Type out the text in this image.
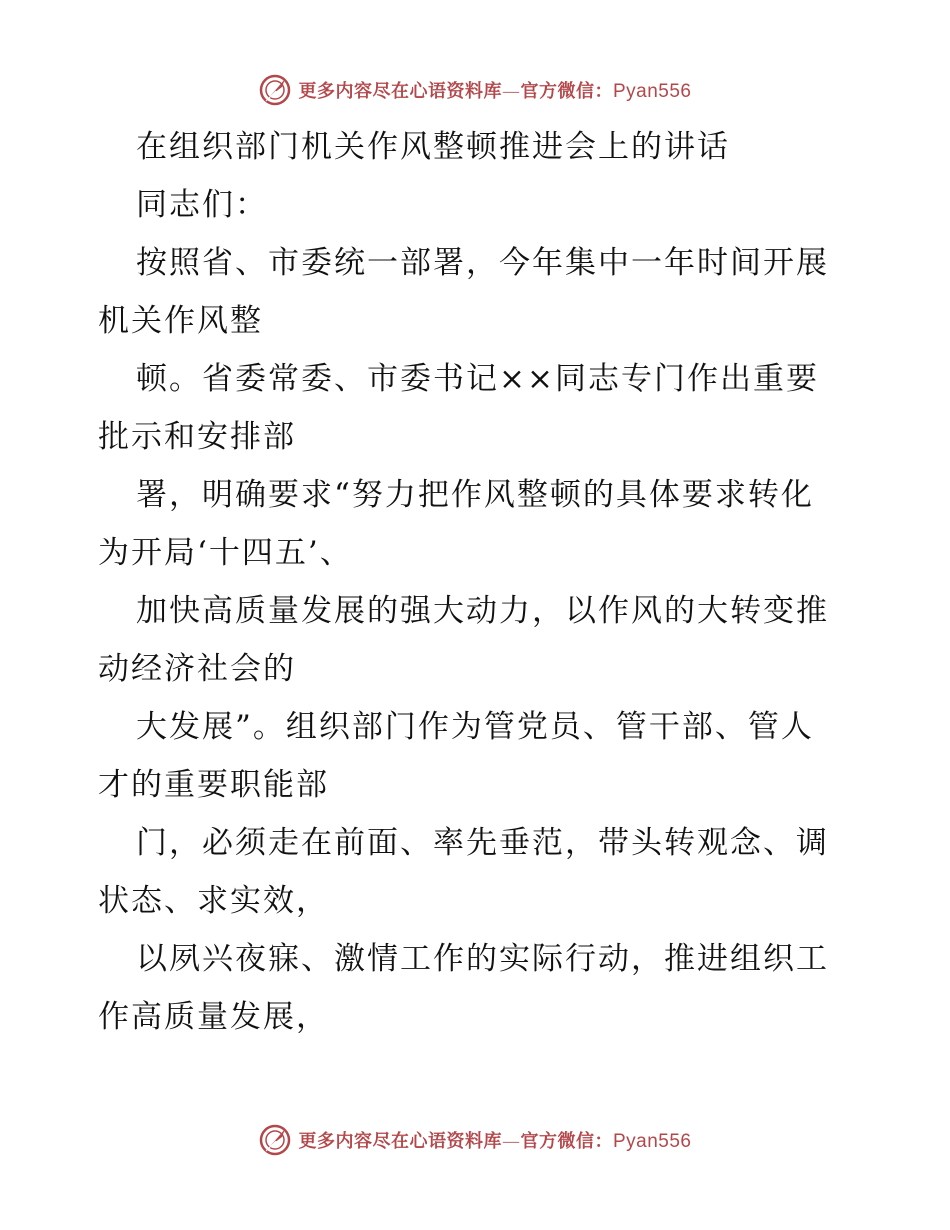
更多内容尽在心语资料库—官方微信：Pyan556
在组织部门机关作风整顿推进会上的讲话
同志们：
按照省、市委统一部署，今年集中一年时间开展
机关作风整
顿。省委常委、市委书记××同志专门作出重要
批示和安排部
署，明确要求“努力把作风整顿的具体要求转化
为开局‘十四五’、
加快高质量发展的强大动力，以作风的大转变推
动经济社会的
大发展”。组织部门作为管党员、管干部、管人
才的重要职能部
门，必须走在前面、率先垂范，带头转观念、调
状态、求实效，
以夙兴夜寐、激情工作的实际行动，推进组织工
作高质量发展，
更多内容尽在心语资料库—官方微信：Pyan556
